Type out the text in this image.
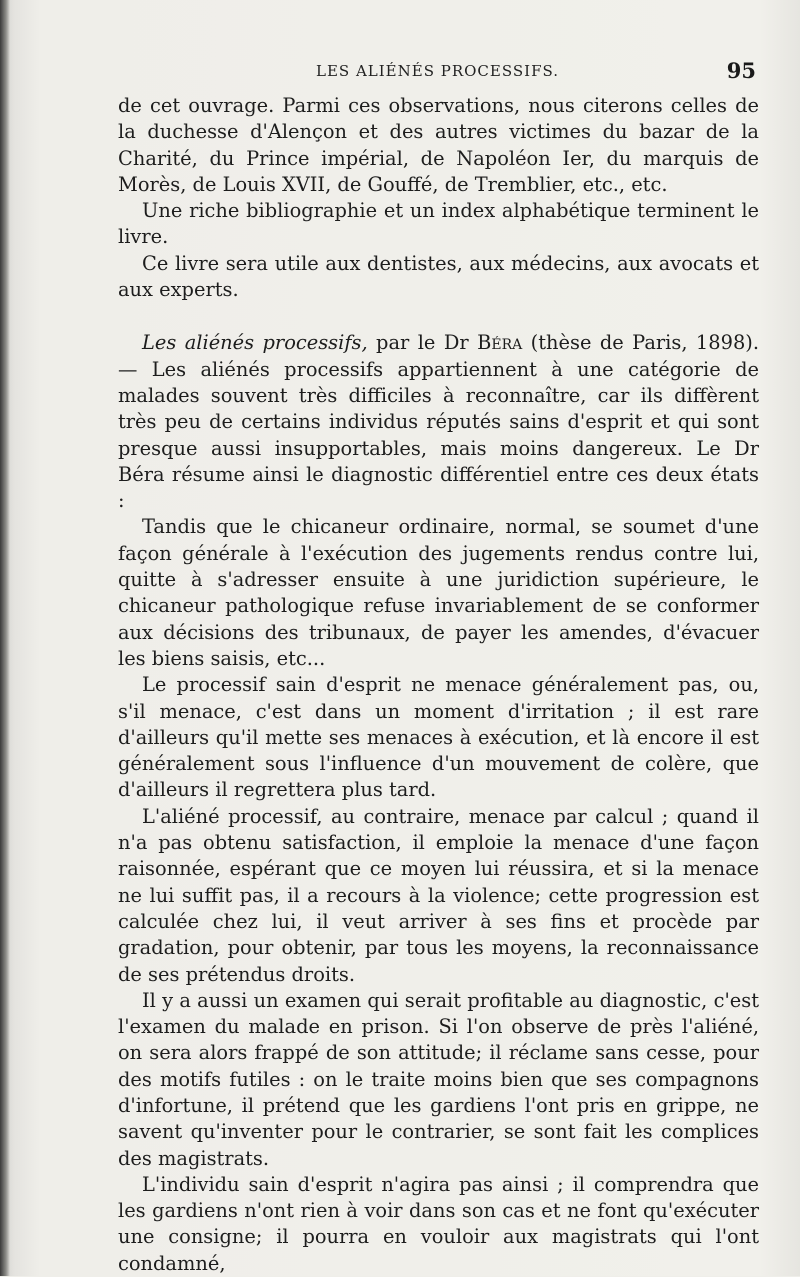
LES ALIÉNÉS PROCESSIFS.	95

de cet ouvrage. Parmi ces observations, nous citerons celles de la duchesse d'Alençon et des autres victimes du bazar de la Charité, du Prince impérial, de Napoléon Ier, du marquis de Morès, de Louis XVII, de Gouffé, de Tremblier, etc., etc.

Une riche bibliographie et un index alphabétique terminent le livre.

Ce livre sera utile aux dentistes, aux médecins, aux avocats et aux experts.

Les aliénés processifs, par le Dr Béra (thèse de Paris, 1898). — Les aliénés processifs appartiennent à une catégorie de malades souvent très difficiles à reconnaître, car ils diffèrent très peu de certains individus réputés sains d'esprit et qui sont presque aussi insupportables, mais moins dangereux. Le Dr Béra résume ainsi le diagnostic différentiel entre ces deux états :

Tandis que le chicaneur ordinaire, normal, se soumet d'une façon générale à l'exécution des jugements rendus contre lui, quitte à s'adresser ensuite à une juridiction supérieure, le chicaneur pathologique refuse invariablement de se conformer aux décisions des tribunaux, de payer les amendes, d'évacuer les biens saisis, etc...

Le processif sain d'esprit ne menace généralement pas, ou, s'il menace, c'est dans un moment d'irritation ; il est rare d'ailleurs qu'il mette ses menaces à exécution, et là encore il est généralement sous l'influence d'un mouvement de colère, que d'ailleurs il regrettera plus tard.

L'aliéné processif, au contraire, menace par calcul ; quand il n'a pas obtenu satisfaction, il emploie la menace d'une façon raisonnée, espérant que ce moyen lui réussira, et si la menace ne lui suffit pas, il a recours à la violence; cette progression est calculée chez lui, il veut arriver à ses fins et procède par gradation, pour obtenir, par tous les moyens, la reconnaissance de ses prétendus droits.

Il y a aussi un examen qui serait profitable au diagnostic, c'est l'examen du malade en prison. Si l'on observe de près l'aliéné, on sera alors frappé de son attitude; il réclame sans cesse, pour des motifs futiles : on le traite moins bien que ses compagnons d'infortune, il prétend que les gardiens l'ont pris en grippe, ne savent qu'inventer pour le contrarier, se sont fait les complices des magistrats.

L'individu sain d'esprit n'agira pas ainsi ; il comprendra que les gardiens n'ont rien à voir dans son cas et ne font qu'exécuter une consigne; il pourra en vouloir aux magistrats qui l'ont condamné,
